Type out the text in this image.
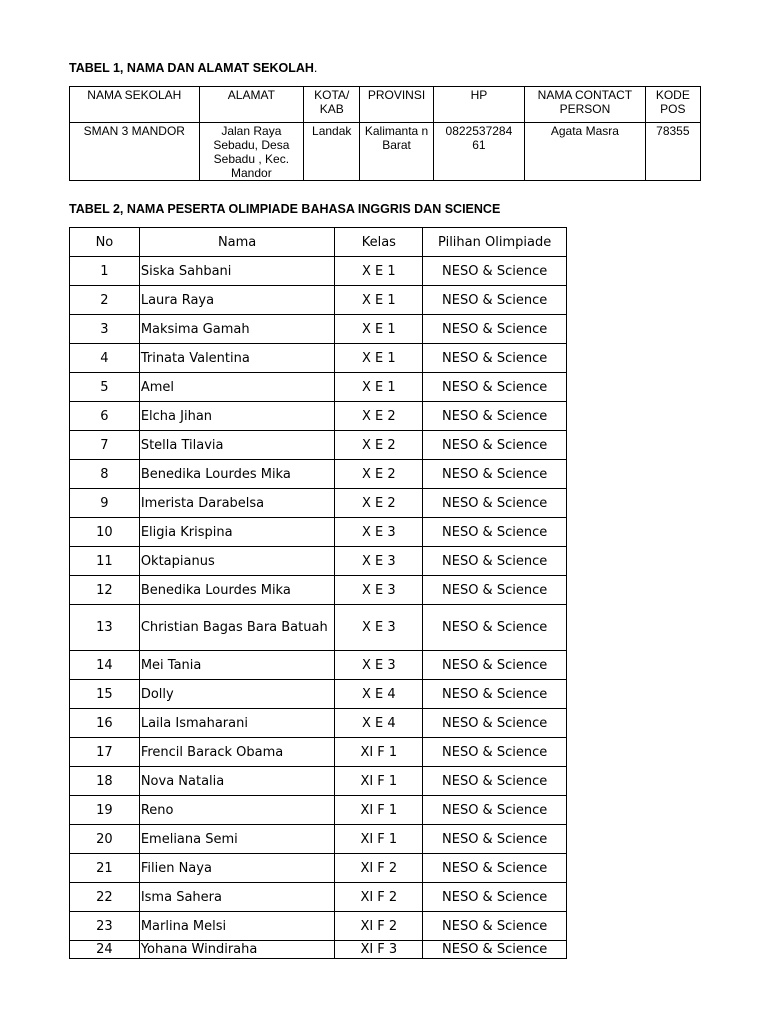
TABEL 1, NAMA DAN ALAMAT SEKOLAH.
NAMA SEKOLAH	ALAMAT	KOTA/ KAB	PROVINSI	HP	NAMA CONTACT PERSON	KODE POS
SMAN 3 MANDOR	Jalan Raya Sebadu, Desa Sebadu , Kec. Mandor	Landak	Kalimanta n Barat	0822537284 61	Agata Masra	78355
TABEL 2, NAMA PESERTA OLIMPIADE BAHASA INGGRIS DAN SCIENCE
No	Nama	Kelas	Pilihan Olimpiade
1	Siska Sahbani	X E 1	NESO & Science
2	Laura Raya	X E 1	NESO & Science
3	Maksima Gamah	X E 1	NESO & Science
4	Trinata Valentina	X E 1	NESO & Science
5	Amel	X E 1	NESO & Science
6	Elcha Jihan	X E 2	NESO & Science
7	Stella Tilavia	X E 2	NESO & Science
8	Benedika Lourdes Mika	X E 2	NESO & Science
9	Imerista Darabelsa	X E 2	NESO & Science
10	Eligia Krispina	X E 3	NESO & Science
11	Oktapianus	X E 3	NESO & Science
12	Benedika Lourdes Mika	X E 3	NESO & Science
13	Christian Bagas Bara Batuah	X E 3	NESO & Science
14	Mei Tania	X E 3	NESO & Science
15	Dolly	X E 4	NESO & Science
16	Laila Ismaharani	X E 4	NESO & Science
17	Frencil Barack Obama	XI F 1	NESO & Science
18	Nova Natalia	XI F 1	NESO & Science
19	Reno	XI F 1	NESO & Science
20	Emeliana Semi	XI F 1	NESO & Science
21	Filien Naya	XI F 2	NESO & Science
22	Isma Sahera	XI F 2	NESO & Science
23	Marlina Melsi	XI F 2	NESO & Science
24	Yohana Windiraha	XI F 3	NESO & Science
